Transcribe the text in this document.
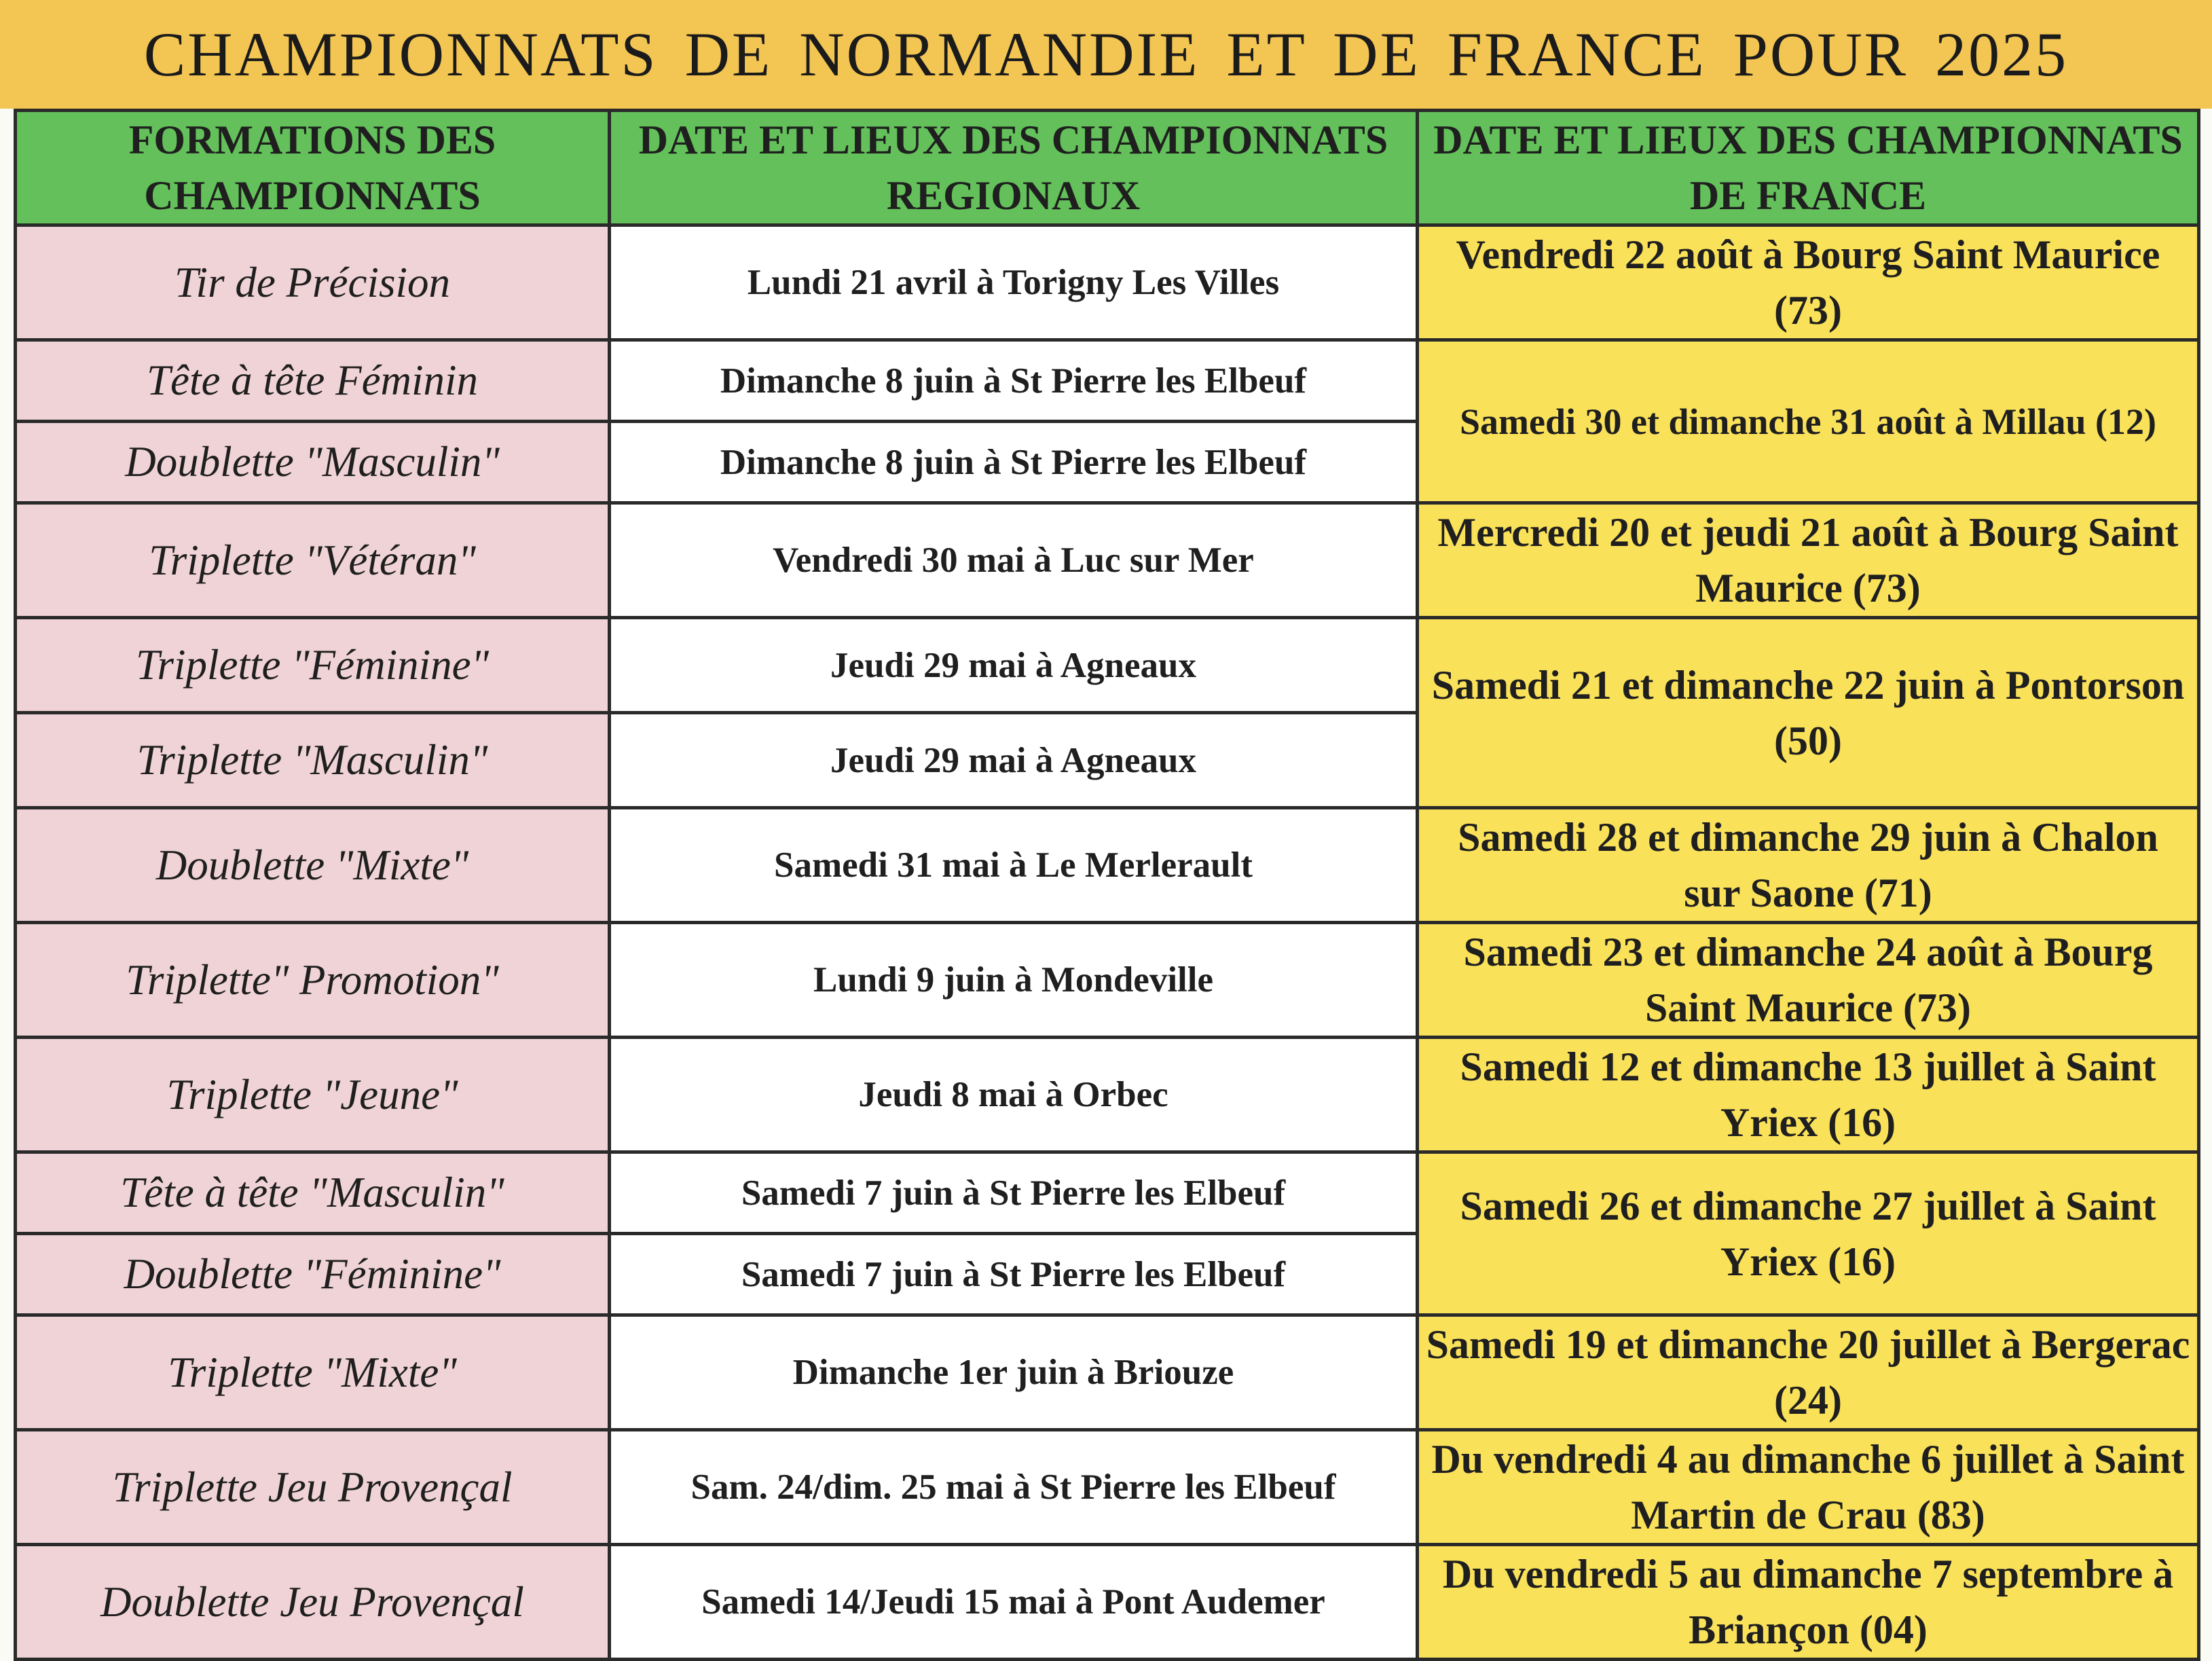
CHAMPIONNATS DE NORMANDIE ET DE FRANCE POUR 2025
FORMATIONS DES CHAMPIONNATS	DATE ET LIEUX DES CHAMPIONNATS REGIONAUX	DATE ET LIEUX DES CHAMPIONNATS DE FRANCE
Tir de Précision	Lundi 21 avril à Torigny Les Villes	Vendredi 22 août à Bourg Saint Maurice (73)
Tête à tête Féminin	Dimanche 8 juin à St Pierre les Elbeuf	Samedi 30 et dimanche 31 août à Millau (12)
Doublette "Masculin"	Dimanche 8 juin à St Pierre les Elbeuf	
Triplette "Vétéran"	Vendredi 30 mai à Luc sur Mer	Mercredi 20 et jeudi 21 août à Bourg Saint Maurice (73)
Triplette "Féminine"	Jeudi 29 mai à Agneaux	Samedi 21 et dimanche 22 juin à Pontorson (50)
Triplette "Masculin"	Jeudi 29 mai à Agneaux	
Doublette "Mixte"	Samedi 31 mai à Le Merlerault	Samedi 28 et dimanche 29 juin à Chalon sur Saone (71)
Triplette" Promotion"	Lundi 9 juin à Mondeville	Samedi 23 et dimanche 24 août à Bourg Saint Maurice (73)
Triplette "Jeune"	Jeudi 8 mai à Orbec	Samedi 12 et dimanche 13 juillet à Saint Yriex (16)
Tête à tête "Masculin"	Samedi 7 juin à St Pierre les Elbeuf	Samedi 26 et dimanche 27 juillet à Saint Yriex (16)
Doublette "Féminine"	Samedi 7 juin à St Pierre les Elbeuf	
Triplette "Mixte"	Dimanche 1er juin à Briouze	Samedi 19 et dimanche 20 juillet à Bergerac (24)
Triplette Jeu Provençal	Sam. 24/dim. 25 mai à St Pierre les Elbeuf	Du vendredi 4 au dimanche 6 juillet à Saint Martin de Crau (83)
Doublette Jeu Provençal	Samedi 14/Jeudi 15 mai à Pont Audemer	Du vendredi 5 au dimanche 7 septembre à Briançon (04)
